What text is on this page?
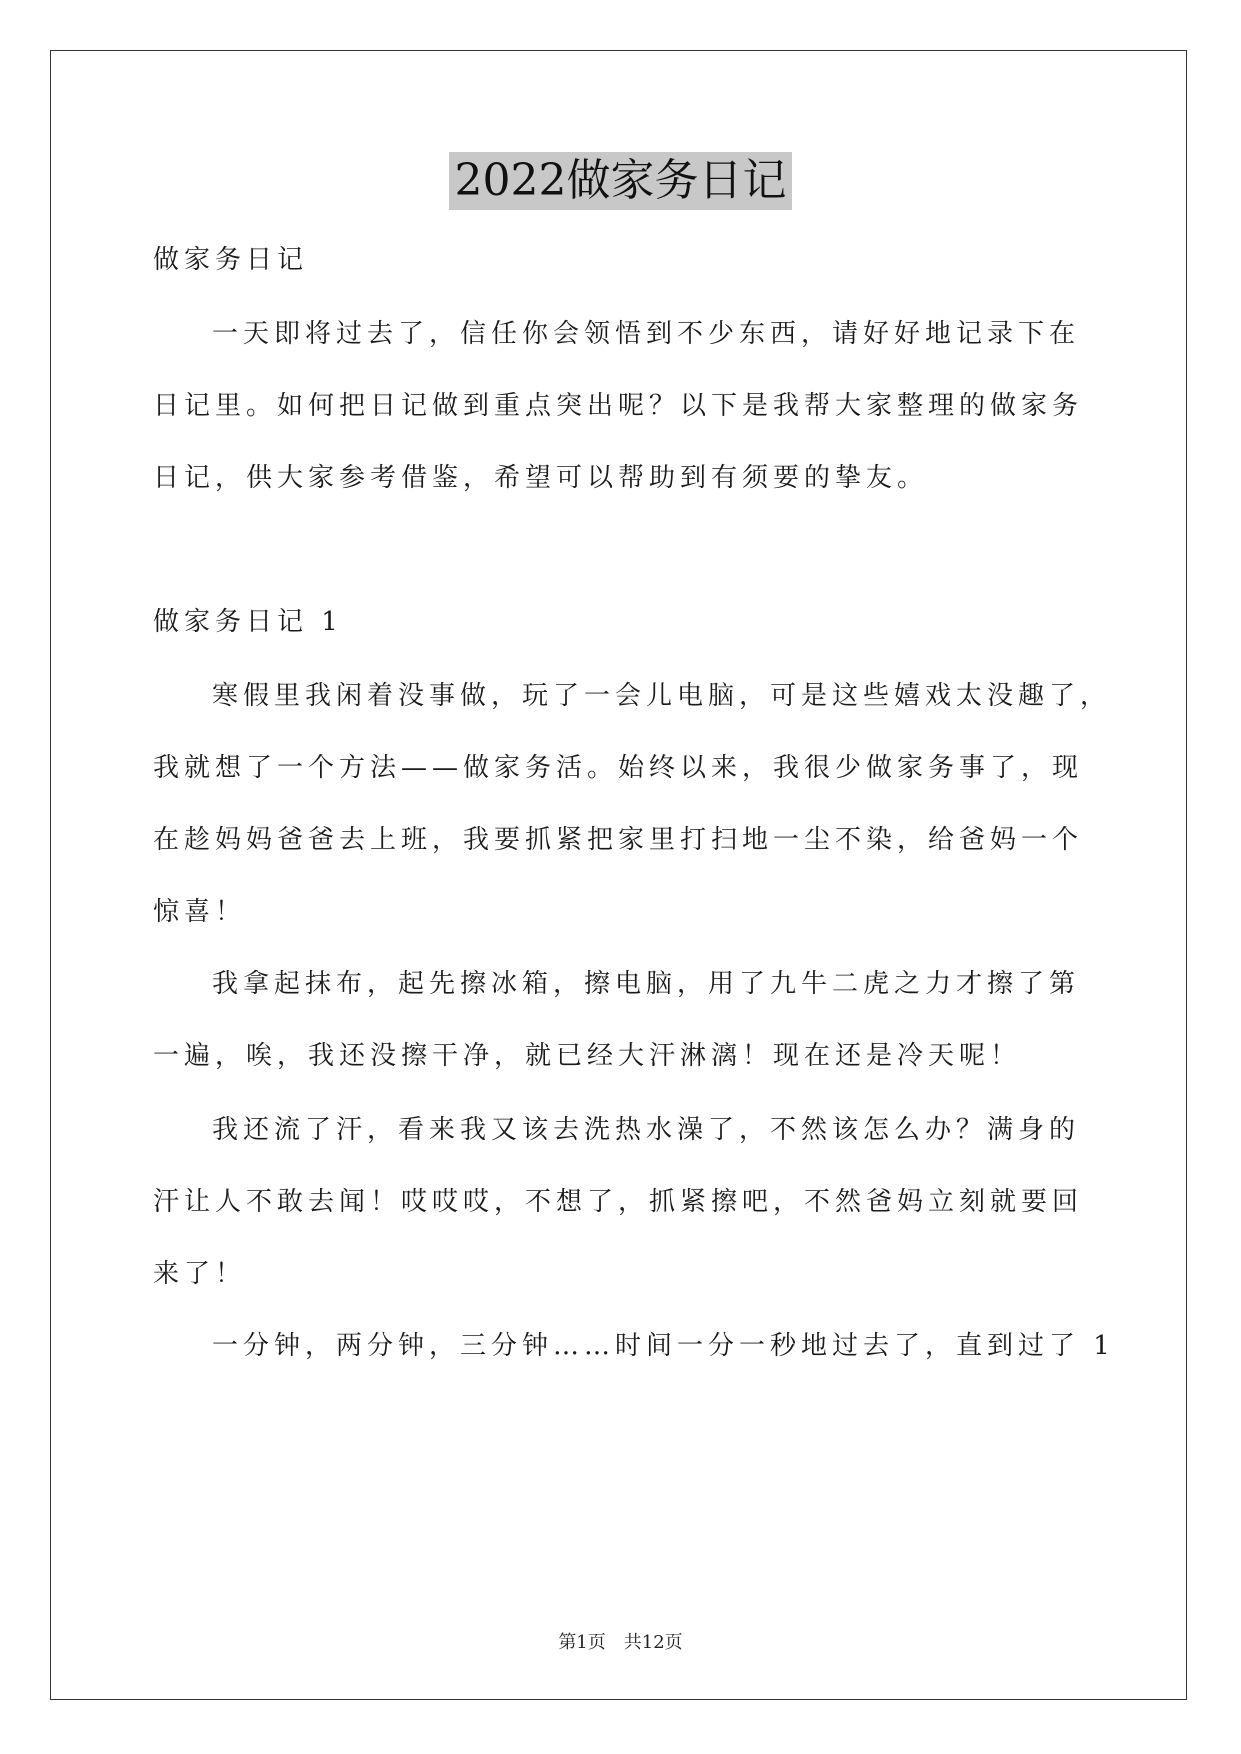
2022做家务日记
做家务日记
一天即将过去了，信任你会领悟到不少东西，请好好地记录下在
日记里。如何把日记做到重点突出呢？以下是我帮大家整理的做家务
日记，供大家参考借鉴，希望可以帮助到有须要的挚友。
做家务日记 1
寒假里我闲着没事做，玩了一会儿电脑，可是这些嬉戏太没趣了，
我就想了一个方法——做家务活。始终以来，我很少做家务事了，现
在趁妈妈爸爸去上班，我要抓紧把家里打扫地一尘不染，给爸妈一个
惊喜！
我拿起抹布，起先擦冰箱，擦电脑，用了九牛二虎之力才擦了第
一遍，唉，我还没擦干净，就已经大汗淋漓！现在还是冷天呢！
我还流了汗，看来我又该去洗热水澡了，不然该怎么办？满身的
汗让人不敢去闻！哎哎哎，不想了，抓紧擦吧，不然爸妈立刻就要回
来了！
一分钟，两分钟，三分钟……时间一分一秒地过去了，直到过了 1
第1页 共12页
